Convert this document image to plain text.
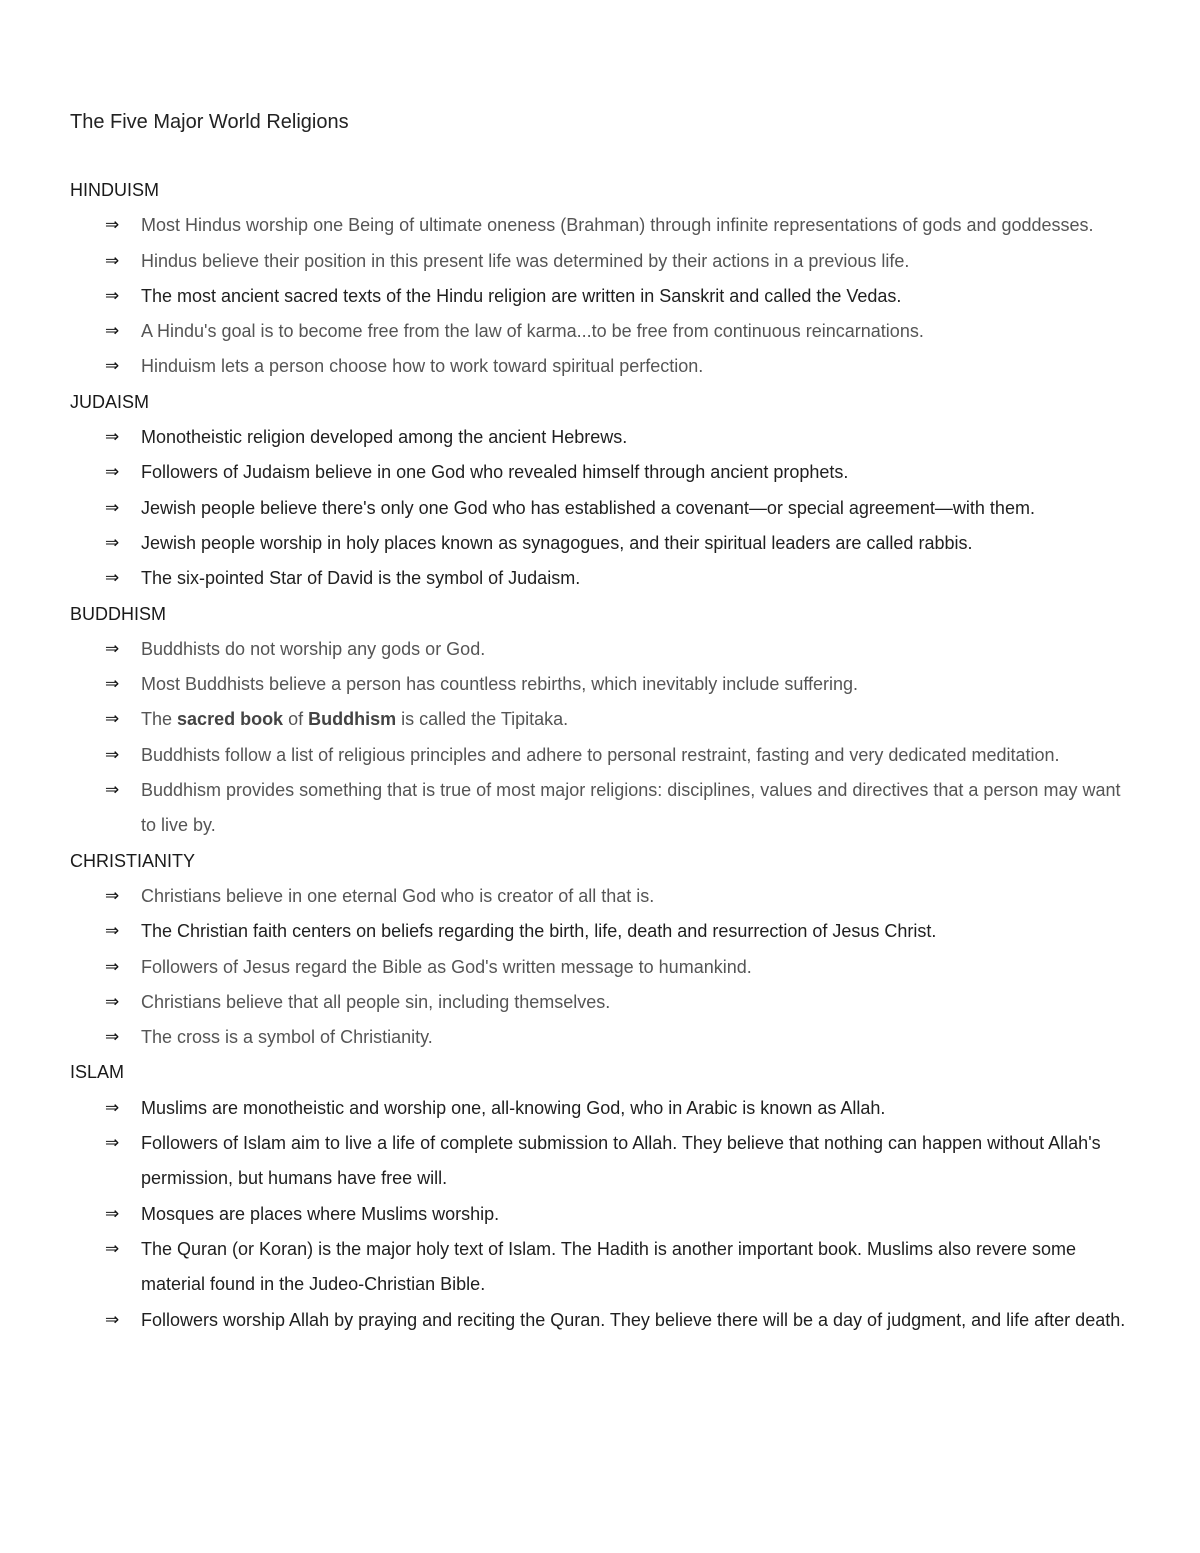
The Five Major World Religions
HINDUISM
⇒	Most Hindus worship one Being of ultimate oneness (Brahman) through infinite representations of gods and goddesses.
⇒	Hindus believe their position in this present life was determined by their actions in a previous life.
⇒	The most ancient sacred texts of the Hindu religion are written in Sanskrit and called the Vedas.
⇒	A Hindu's goal is to become free from the law of karma...to be free from continuous reincarnations.
⇒	Hinduism lets a person choose how to work toward spiritual perfection.
JUDAISM
⇒	Monotheistic religion developed among the ancient Hebrews.
⇒	Followers of Judaism believe in one God who revealed himself through ancient prophets.
⇒	Jewish people believe there's only one God who has established a covenant—or special agreement—with them.
⇒	Jewish people worship in holy places known as synagogues, and their spiritual leaders are called rabbis.
⇒	The six-pointed Star of David is the symbol of Judaism.
BUDDHISM
⇒	Buddhists do not worship any gods or God.
⇒	Most Buddhists believe a person has countless rebirths, which inevitably include suffering.
⇒	The sacred book of Buddhism is called the Tipitaka.
⇒	Buddhists follow a list of religious principles and adhere to personal restraint, fasting and very dedicated meditation.
⇒	Buddhism provides something that is true of most major religions: disciplines, values and directives that a person may want to live by.
CHRISTIANITY
⇒	Christians believe in one eternal God who is creator of all that is.
⇒	The Christian faith centers on beliefs regarding the birth, life, death and resurrection of Jesus Christ.
⇒	Followers of Jesus regard the Bible as God's written message to humankind.
⇒	Christians believe that all people sin, including themselves.
⇒	The cross is a symbol of Christianity.
ISLAM
⇒	Muslims are monotheistic and worship one, all-knowing God, who in Arabic is known as Allah.
⇒	Followers of Islam aim to live a life of complete submission to Allah. They believe that nothing can happen without Allah's permission, but humans have free will.
⇒	Mosques are places where Muslims worship.
⇒	The Quran (or Koran) is the major holy text of Islam. The Hadith is another important book. Muslims also revere some material found in the Judeo-Christian Bible.
⇒	Followers worship Allah by praying and reciting the Quran. They believe there will be a day of judgment, and life after death.
